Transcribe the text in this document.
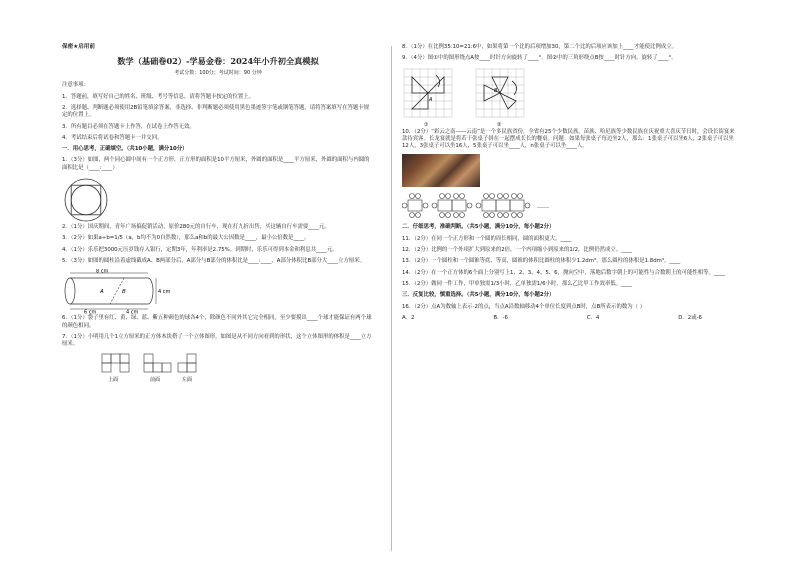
保密★启用前
数学（基础卷02）-学易金卷：2024年小升初全真模拟
考试分数：100分；考试时间：90 分钟
注意事项：
1．答题前，填写好自己的姓名、班级、考号等信息，请将答题卡按定的位置上。
2．选择题、判断题必须使用2B铅笔填涂答案，非选择、非判断题必须使用黑色墨迹签字笔或钢笔答题，请将答案填写在答题卡规定的位置上。
3．所有题目必须在答题卡上作答，在试卷上作答无效。
4．考试结束后将试卷和答题卡一并交回。
一．用心思考，正确填空。（共10小题，满分10分）
1．（3分）如图，两个同心圆中间有一个正方形，正方形的面积是10平方厘米，外圆的面积是____平方厘米，外圆的面积与内圆的面积比是（____:____）
2．（1分）国庆期间，青年广场搞促销活动，原价280元的自行车，现在打九折出售，买这辆自行车需要____元。
3．（2分）如果a÷b=1/5（a，b均不为0自然数），那么a和b的最大公因数是____，最小公倍数是____。
4．（1分）乐乐把3000元压岁钱存入银行，定期3年，年利率是2.75%。到期时，乐乐可得到本金和利息共____元。
5．（3分）如图的圆柱沿着虚线截成A、B两部分后，A部分与B部分的体积比是____:____，A部分体积比B部分大____立方厘米。
8 cm
A	B	4 cm
6 cm	4 cm
6．（1分）袋子里有红、黄、绿、蓝、紫五种颜色的球各4个，除颜色不同外其它完全相同，至少要摸出____个球才能保证有两个球的颜色相同。
7．（1分）小明用几个1立方厘米的正方体木块搭了一个立体图形，如图是从不同方向看到的形状，这个立体图形的体积是____立方厘米。
上面	前面	左面
8．（1分）在比例35:10=21:6中，如果将第一个比的后项增加30，第二个比的后项应该加上____才能使比例成立。
9．（4分）图①中的图形绕点A按____时针方向旋转了____°。图②中的三角形绕点B按____时针方向，旋转了____°。
A
B
①	②
10．（2分）“彩云之南——云南”是一个多民族省份，全省有25个少数民族。苗族、哈尼族等少数民族在庆祝重大喜庆节日时，会设长街宴来款待宾客。长龙宴就是将若干张桌子拼在一起摆成长长的餐桌。问题：如果每张桌子每边坐2人，那么：1张桌子可以坐6人，2张桌子可以坐12人，3张桌子可以坐16人，5张桌子可以坐____人，n张桌子可以坐____人。
……
二．仔细思考，准确判断。（共5小题，满分10分，每小题2分）
11．（2分）在同一个正方形和一个圆的周长相同，圆的面积更大。____
12．（2分）比例的一个外项扩大到原来的2倍，一个内项缩小到原来的1/2，比例仍然成立。____
13．（2分）一个圆柱和一个圆锥等底、等高，圆锥的体积比圆柱的体积少1.2dm³，那么圆柱的体积是1.8dm³。____
14．（2分）在一个正方体的6个面上分别写上1、2、3、4、5、6，抛向空中，落地后数字朝上的可能性与合数朝上的可能性相等。____
15．（2分）做同一件工作，甲单独需1/3小时，乙单独需1/6小时，那么乙比甲工作效率低。____
三．反复比较，慎重选择。（共5小题，满分10分，每小题2分）
16．（2分）点A为数轴上表示-2的点，当点A沿数轴移动4个单位长度到点B时，点B所表示的数为（ ）
A．2	B．-6	C．4	D．2或-6
